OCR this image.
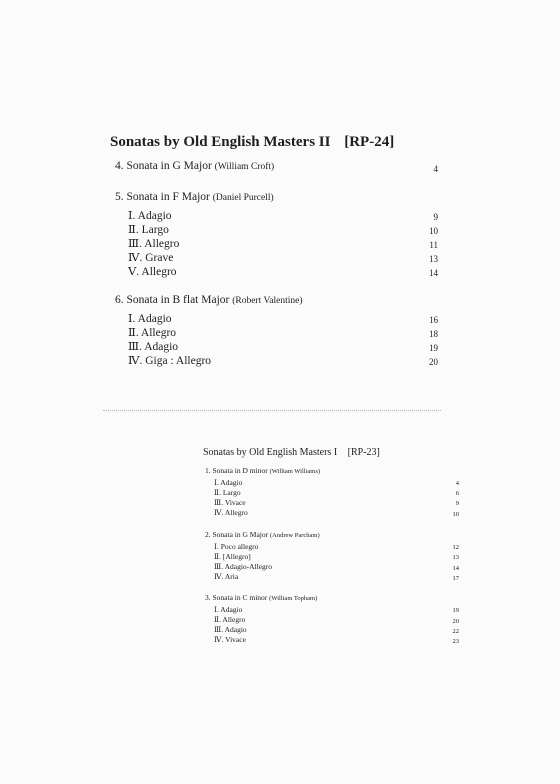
Sonatas by Old English Masters II [RP-24]
4. Sonata in G Major (William Croft)	4
5. Sonata in F Major (Daniel Purcell)
Ⅰ. Adagio	9
Ⅱ. Largo	10
Ⅲ. Allegro	11
Ⅳ. Grave	13
Ⅴ. Allegro	14
6. Sonata in B flat Major (Robert Valentine)
Ⅰ. Adagio	16
Ⅱ. Allegro	18
Ⅲ. Adagio	19
Ⅳ. Giga : Allegro	20
Sonatas by Old English Masters I [RP-23]
1. Sonata in D minor (William Williams)
Ⅰ. Adagio	4
Ⅱ. Largo	6
Ⅲ. Vivace	9
Ⅳ. Allegro	10
2. Sonata in G Major (Andrew Parcham)
Ⅰ. Poco allegro	12
Ⅱ. [Allegro]	13
Ⅲ. Adagio-Allegro	14
Ⅳ. Aria	17
3. Sonata in C minor (William Topham)
Ⅰ. Adagio	19
Ⅱ. Allegro	20
Ⅲ. Adagio	22
Ⅳ. Vivace	23
